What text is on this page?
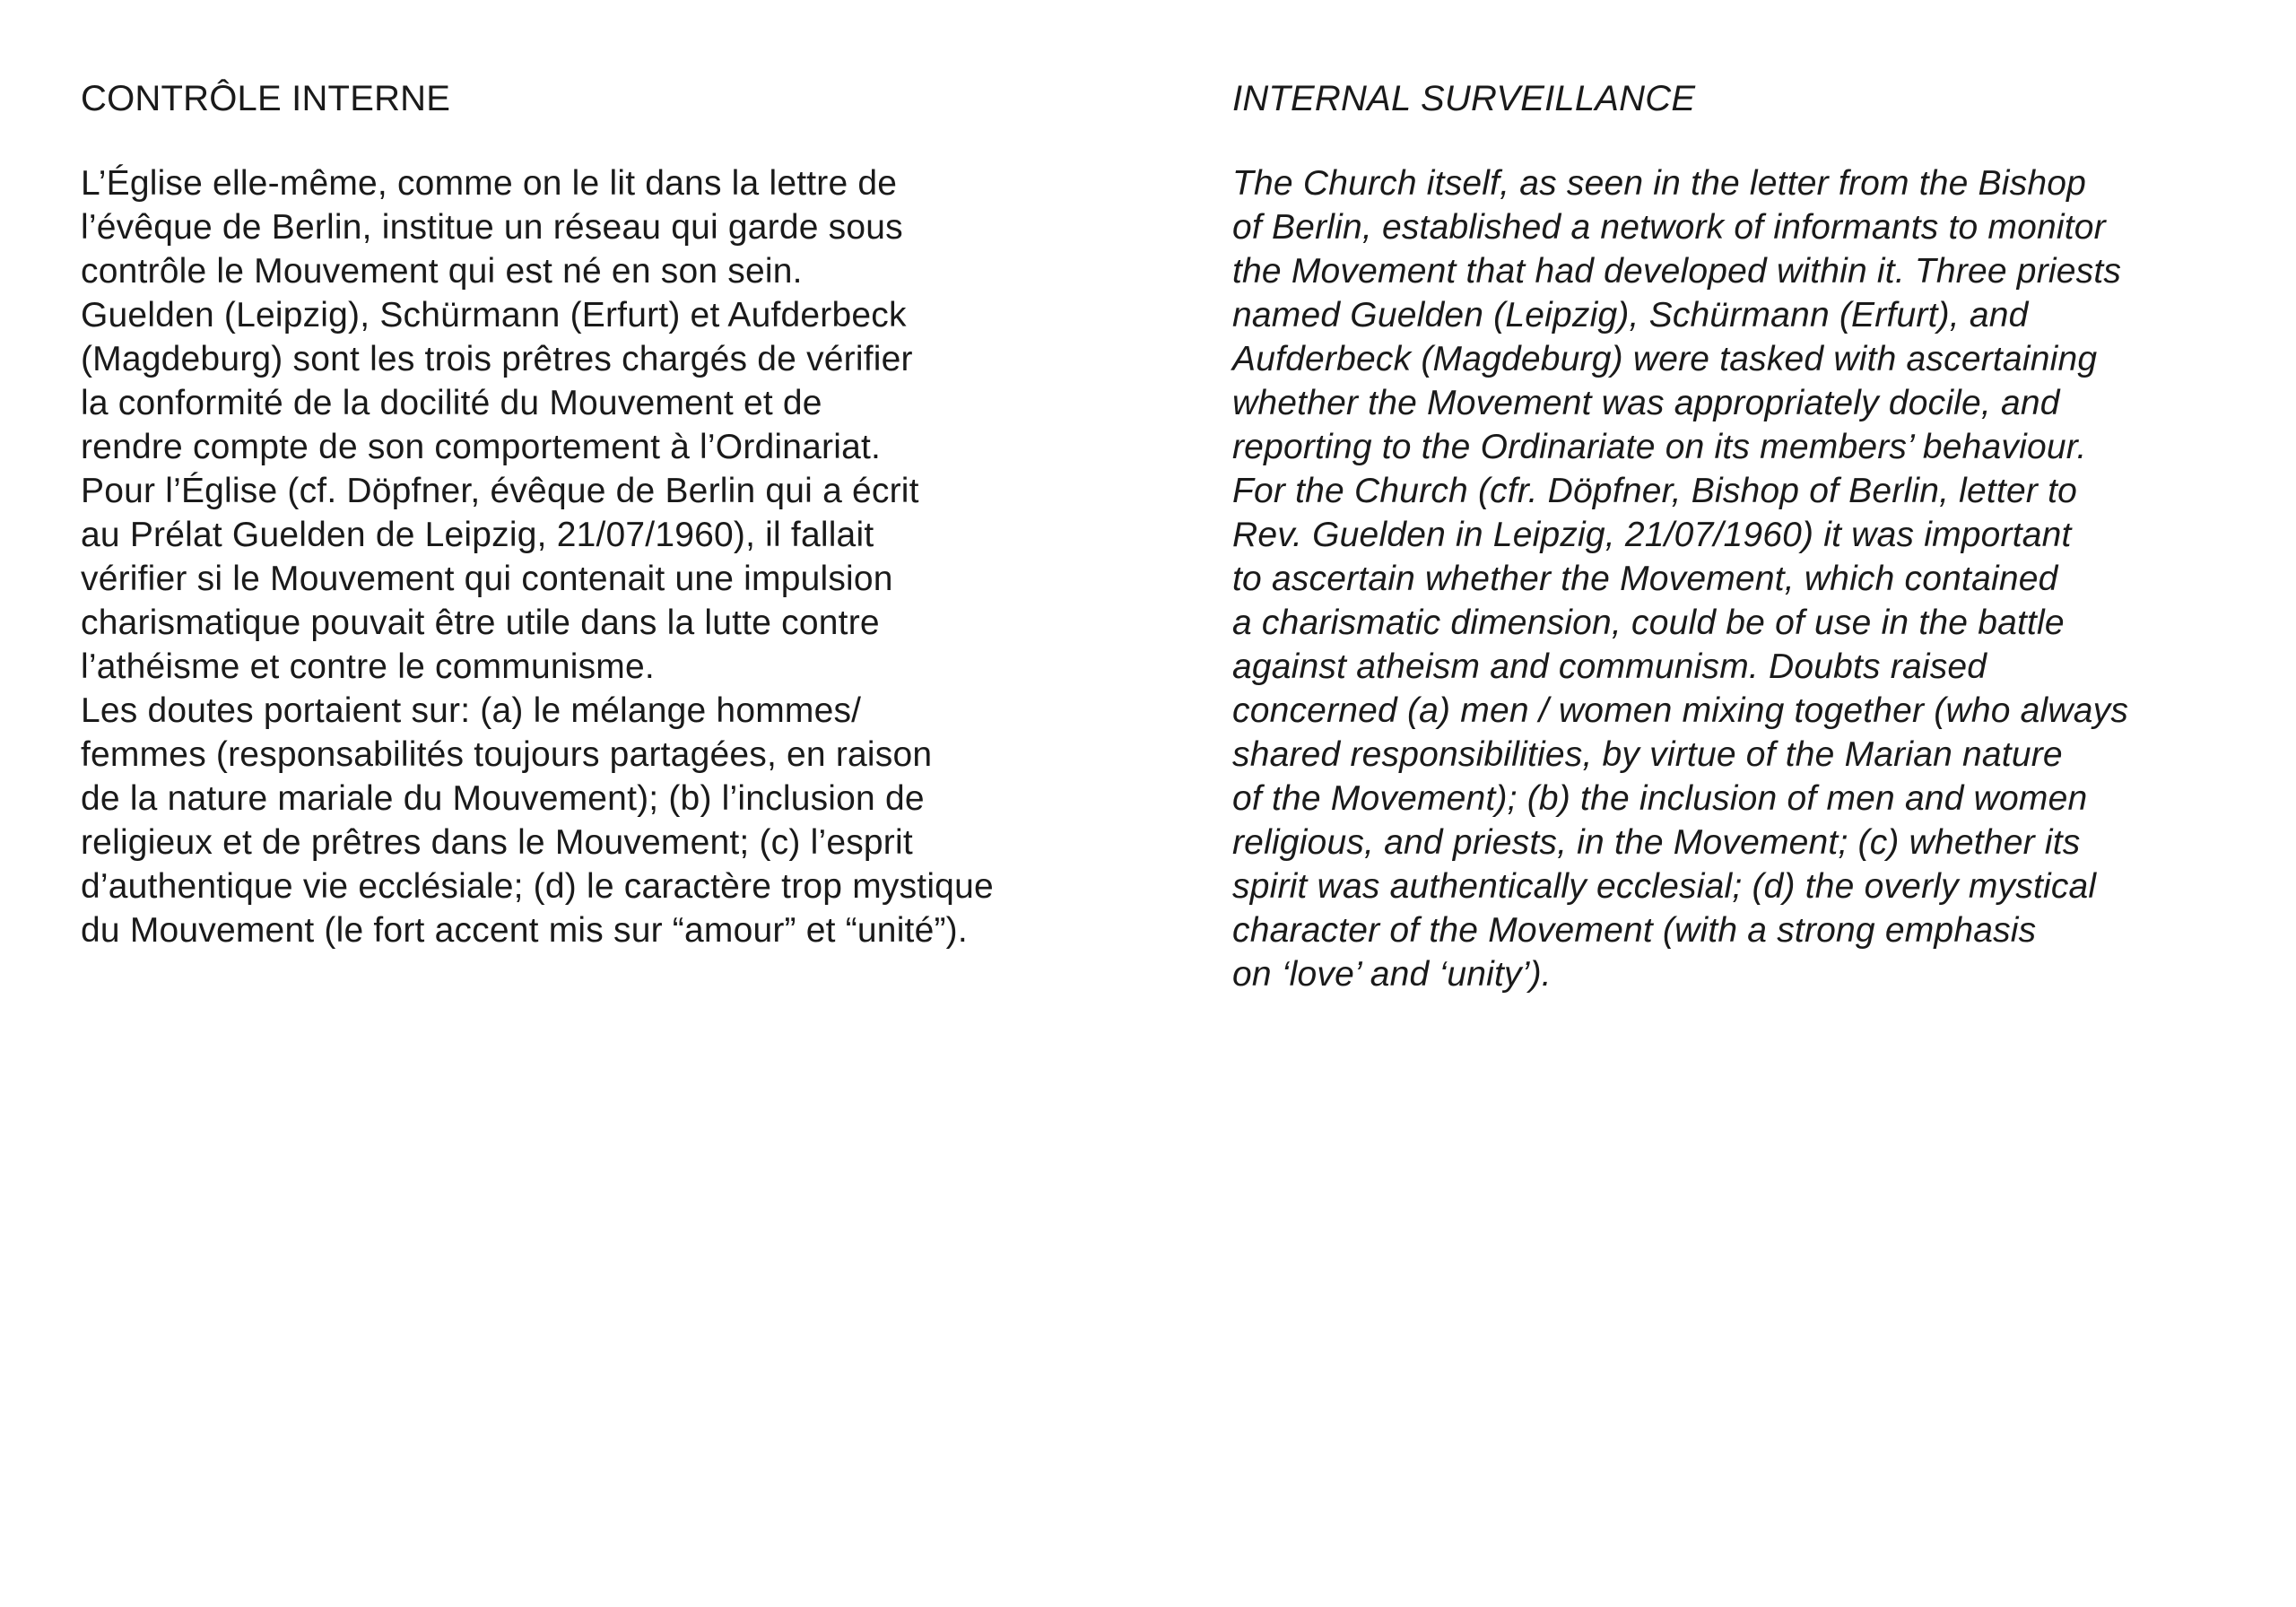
CONTRÔLE INTERNE

L’Église elle-même, comme on le lit dans la lettre de
l’évêque de Berlin, institue un réseau qui garde sous
contrôle le Mouvement qui est né en son sein.
Guelden (Leipzig), Schürmann (Erfurt) et Aufderbeck
(Magdeburg) sont les trois prêtres chargés de vérifier
la conformité de la docilité du Mouvement et de
rendre compte de son comportement à l’Ordinariat.
Pour l’Église (cf. Döpfner, évêque de Berlin qui a écrit
au Prélat Guelden de Leipzig, 21/07/1960), il fallait
vérifier si le Mouvement qui contenait une impulsion
charismatique pouvait être utile dans la lutte contre
l’athéisme et contre le communisme.
Les doutes portaient sur: (a) le mélange hommes/
femmes (responsabilités toujours partagées, en raison
de la nature mariale du Mouvement); (b) l’inclusion de
religieux et de prêtres dans le Mouvement; (c) l’esprit
d’authentique vie ecclésiale; (d) le caractère trop mystique
du Mouvement (le fort accent mis sur “amour” et “unité”).

INTERNAL SURVEILLANCE

The Church itself, as seen in the letter from the Bishop
of Berlin, established a network of informants to monitor
the Movement that had developed within it. Three priests
named Guelden (Leipzig), Schürmann (Erfurt), and
Aufderbeck (Magdeburg) were tasked with ascertaining
whether the Movement was appropriately docile, and
reporting to the Ordinariate on its members’ behaviour.
For the Church (cfr. Döpfner, Bishop of Berlin, letter to
Rev. Guelden in Leipzig, 21/07/1960) it was important
to ascertain whether the Movement, which contained
a charismatic dimension, could be of use in the battle
against atheism and communism. Doubts raised
concerned (a) men / women mixing together (who always
shared responsibilities, by virtue of the Marian nature
of the Movement); (b) the inclusion of men and women
religious, and priests, in the Movement; (c) whether its
spirit was authentically ecclesial; (d) the overly mystical
character of the Movement (with a strong emphasis
on ‘love’ and ‘unity’).
